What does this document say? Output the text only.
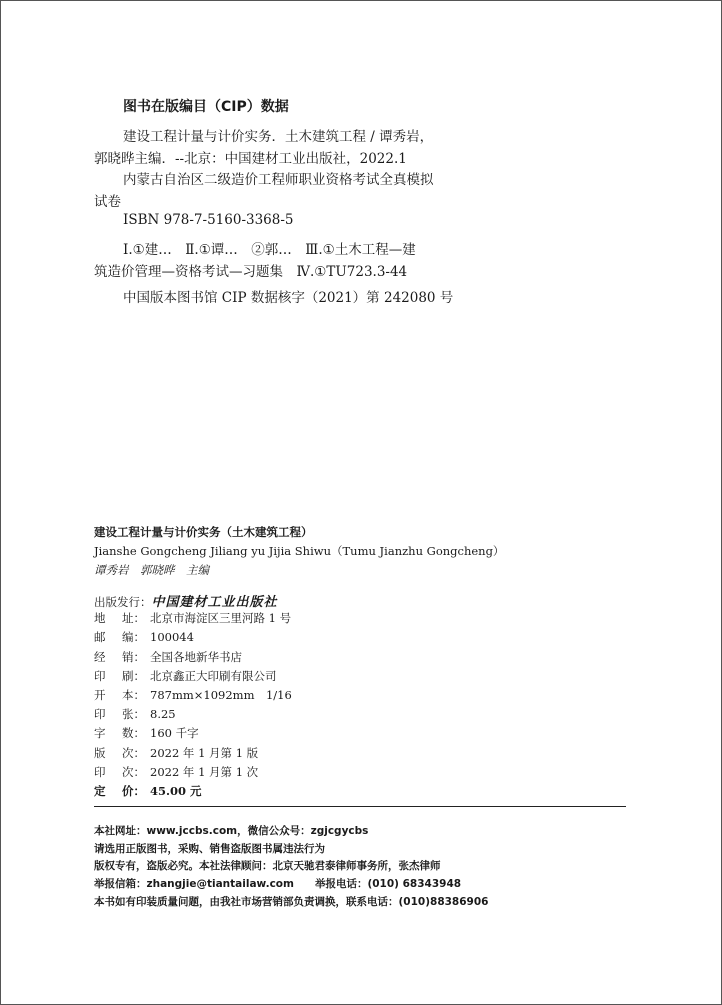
图书在版编目（CIP）数据
建设工程计量与计价实务．土木建筑工程 / 谭秀岩，
郭晓晔主编．--北京：中国建材工业出版社，2022.1
内蒙古自治区二级造价工程师职业资格考试全真模拟
试卷
ISBN 978-7-5160-3368-5
Ⅰ.①建…　Ⅱ.①谭…　②郭…　Ⅲ.①土木工程—建
筑造价管理—资格考试—习题集　Ⅳ.①TU723.3-44
中国版本图书馆 CIP 数据核字（2021）第 242080 号
建设工程计量与计价实务（土木建筑工程）
Jianshe Gongcheng Jiliang yu Jijia Shiwu（Tumu Jianzhu Gongcheng）
谭秀岩　郭晓晔　主编
出版发行：中国建材工业出版社
地 址： 北京市海淀区三里河路 1 号
邮 编： 100044
经 销： 全国各地新华书店
印 刷： 北京鑫正大印刷有限公司
开 本： 787mm×1092mm　1/16
印 张： 8.25
字 数： 160 千字
版 次： 2022 年 1 月第 1 版
印 次： 2022 年 1 月第 1 次
定 价： 45.00 元
本社网址：www.jccbs.com，微信公众号：zgjcgycbs
请选用正版图书，采购、销售盗版图书属违法行为
版权专有，盗版必究。本社法律顾问：北京天驰君泰律师事务所，张杰律师
举报信箱：zhangjie@tiantailaw.com　　举报电话：(010) 68343948
本书如有印装质量问题，由我社市场营销部负责调换，联系电话：(010)88386906
